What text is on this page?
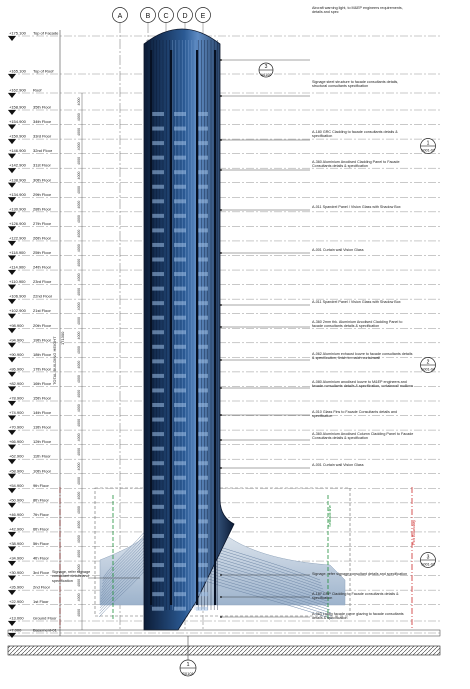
Plot Boundary
Setback line
TOTAL BUILDING HEIGHT 171300
+175.100 Top of Facade
+165.100 Top of Roof
+162.900 Roof
+158.900 35th Floor
+154.900 34th Floor
+150.900 33rd Floor
+146.900 32nd Floor
+142.900 31st Floor
+138.900 30th Floor
+134.900 29th Floor
+130.900 28th Floor
+126.900 27th Floor
+122.900 26th Floor
+118.900 25th Floor
+114.900 24th Floor
+110.900 23rd Floor
+106.900 22nd Floor
+102.900 21st Floor
+98.900 20th Floor
+94.900 19th Floor
+90.900 18th Floor
+86.900 17th Floor
+82.900 16th Floor
+78.900 15th Floor
+74.900 14th Floor
+70.900 13th Floor
+66.900 12th Floor
+62.900 11th Floor
+58.900 10th Floor
+54.900 9th Floor
+50.900 8th Floor
+46.900 7th Floor
+42.900 6th Floor
+38.900 5th Floor
+34.900 4th Floor
+30.900 3rd Floor
+26.900 2nd Floor
+22.900 1st Floor
+13.000 Ground Floor
+7.000	Basement-01
4000
4000
4000
4000
4000
4000
4000
4000
4000
4000
4000
4000
4000
4000
4000
4000
4000
4000
4000
4000
4000
4000
4000
4000
4000
4000
4000
4000
4000
4000
4000
4000
4000
4000
4000
4000
A	B C D E
3
A6100
Aircraft warning light, to M&EP engineers requirements, details and spec
Signage steel structure to facade consultants details, structural consultants specification
A-180 GRC Cladding to facade consultants details & specification
A-360 Aluminium Anodised Cladding Panel to Facade Consultants details & specification
A-011 Spandrel Panel / Vision Glass with Shadow Box
A-001 Curtain wall Vision Glass
A-011 Spandrel Panel / Vision Glass with Shadow Box
A-360 2mm thk. Aluminium Anodised Cladding Panel to facade consultants details & specification
A-062 Aluminium exhaust louvre to facade consultants details & specification, finish to match curtainwall
A-080 Aluminium anodised louvre to M&EP engineers and facade consultants details & specification, curtainwall mullions
A-010 Glass Fins to Facade Consultants details and specification
A-360 Aluminium Anodised Column Cladding Panel to Facade Consultants details & specification
A-001 Curtain wall Vision Glass
Signage, refer signage consultant details and specification
A-187 GRP Cladding to Facade consultants details & specification
A-063 Lobby facade curve glazing to facade consultants details & specification
1
S001-02
2
S001-04
3
S001-03
Signage, refer signage consultant details and specification
1
S0101
